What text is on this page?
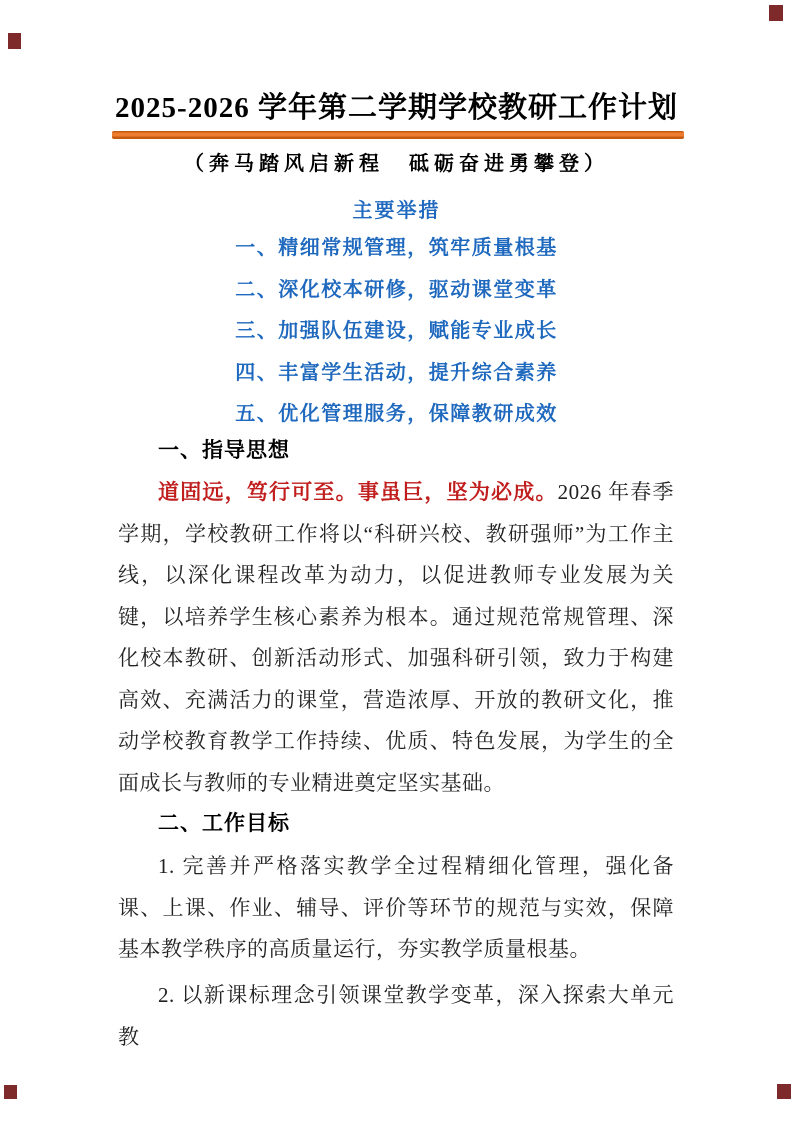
2025-2026 学年第二学期学校教研工作计划
（奔马踏风启新程　砥砺奋进勇攀登）
主要举措
一、精细常规管理，筑牢质量根基
二、深化校本研修，驱动课堂变革
三、加强队伍建设，赋能专业成长
四、丰富学生活动，提升综合素养
五、优化管理服务，保障教研成效
一、指导思想

道固远，笃行可至。事虽巨，坚为必成。2026 年春季学期，学校教研工作将以“科研兴校、教研强师”为工作主线，以深化课程改革为动力，以促进教师专业发展为关键，以培养学生核心素养为根本。通过规范常规管理、深化校本教研、创新活动形式、加强科研引领，致力于构建高效、充满活力的课堂，营造浓厚、开放的教研文化，推动学校教育教学工作持续、优质、特色发展，为学生的全面成长与教师的专业精进奠定坚实基础。

二、工作目标

1. 完善并严格落实教学全过程精细化管理，强化备课、上课、作业、辅导、评价等环节的规范与实效，保障基本教学秩序的高质量运行，夯实教学质量根基。

2. 以新课标理念引领课堂教学变革，深入探索大单元教
